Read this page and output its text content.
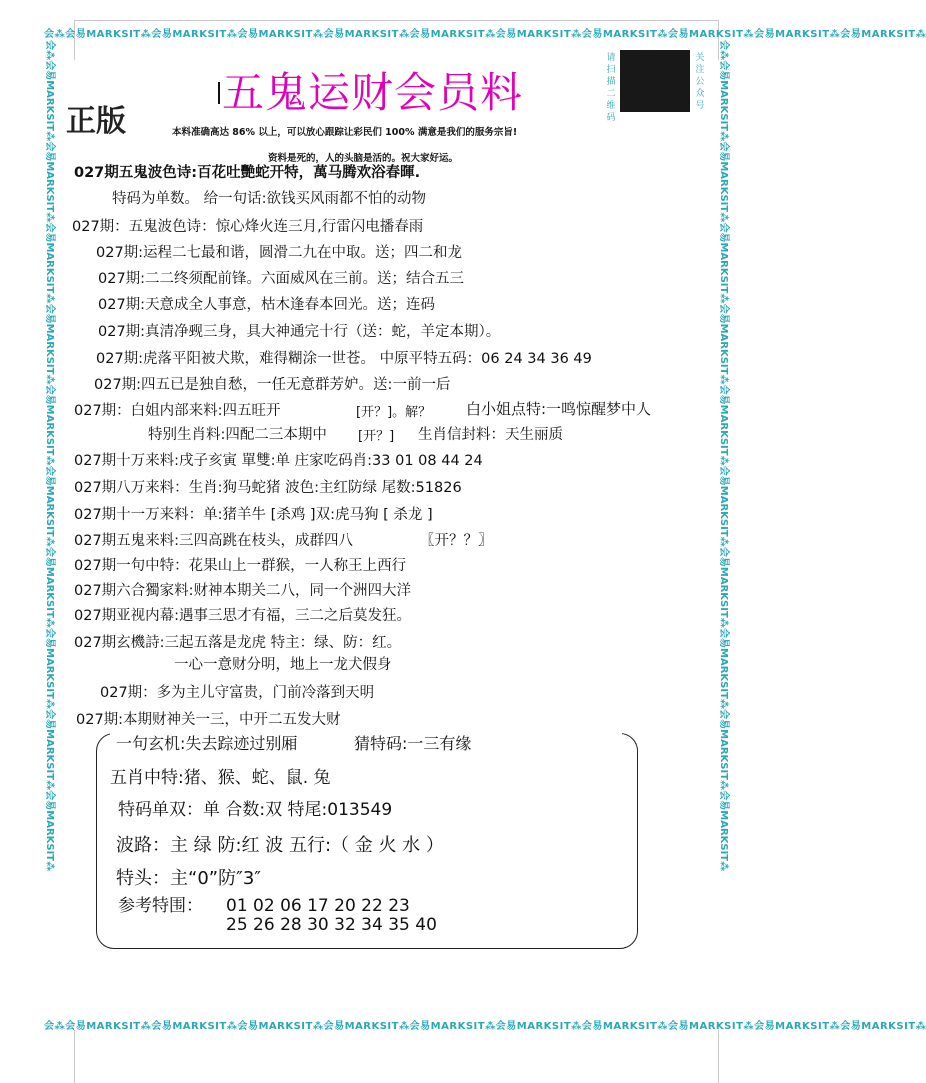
会⁂会易MARKSIT⁂会易MARKSIT⁂会易MARKSIT⁂会易MARKSIT⁂会易MARKSIT⁂会易MARKSIT⁂会易MARKSIT⁂会易MARKSIT⁂会易MARKSIT⁂会易MARKSIT⁂
会⁂会易MARKSIT⁂会易MARKSIT⁂会易MARKSIT⁂会易MARKSIT⁂会易MARKSIT⁂会易MARKSIT⁂会易MARKSIT⁂会易MARKSIT⁂会易MARKSIT⁂会易MARKSIT⁂
会⁂会易MARKSIT⁂会易MARKSIT⁂会易MARKSIT⁂会易MARKSIT⁂会易MARKSIT⁂会易MARKSIT⁂会易MARKSIT⁂会易MARKSIT⁂会易MARKSIT⁂会易MARKSIT⁂	会⁂会易MARKSIT⁂会易MARKSIT⁂会易MARKSIT⁂会易MARKSIT⁂会易MARKSIT⁂会易MARKSIT⁂会易MARKSIT⁂会易MARKSIT⁂会易MARKSIT⁂会易MARKSIT⁂
五鬼运财会员料
正版
请扫描二维码
关注公众号
本料准确高达 86% 以上，可以放心跟踪让彩民们 100% 满意是我们的服务宗旨!
资料是死的，人的头脑是活的。祝大家好运。
027期五鬼波色诗:百花吐艷蛇开特，萬马腾欢浴春暉.
特码为单数。 给一句话:欲钱买风雨都不怕的动物
027期：五鬼波色诗：惊心烽火连三月,行雷闪电播春雨
027期:运程二七最和谐，圆滑二九在中取。送；四二和龙
027期:二二终须配前锋。六面威风在三前。送；结合五三
027期:天意成全人事意，枯木逢春本回光。送；连码
027期:真清净觋三身，具大神通完十行（送：蛇，羊定本期）。
027期:虎落平阳被犬欺，难得糊涂一世苍。 中原平特五码：06 24 34 36 49
027期:四五已是独自愁，一任无意群芳妒。送:一前一后
027期：白姐内部来料:四五旺开	[开？]。解？ 白小姐点特:一鸣惊醒梦中人
特别生肖料:四配二三本期中 [开？] 生肖信封料：天生丽质
027期十万来料:戌子亥寅 單雙:单 庄家吃码肖:33 01 08 44 24
027期八万来料：生肖:狗马蛇猪 波色:主红防绿 尾数:51826
027期十一万来料：单:猪羊牛 [杀鸡 ]双:虎马狗 [ 杀龙 ]
027期五鬼来料:三四高跳在枝头，成群四八	〖开？？〗
027期一句中特：花果山上一群猴，一人称王上西行
027期六合獨家料:财神本期关二八，同一个洲四大洋
027期亚视内幕:遇事三思才有福，三二之后莫发狂。
027期玄機詩:三起五落是龙虎 特主：绿、防：红。
一心一意财分明，地上一龙犬假身
027期：多为主儿守富贵，门前冷落到天明
027期:本期财神关一三，中开二五发大财
一句玄机:失去踪迹过别厢	猜特码:一三有缘
五肖中特:猪、猴、蛇、鼠. 兔
特码单双：单 合数:双 特尾:013549
波路：主 绿 防:红 波 五行:（ 金 火 水 ）
特头：主“0”防″3″
参考特围： 01 02 06 17 20 22 23
25 26 28 30 32 34 35 40
